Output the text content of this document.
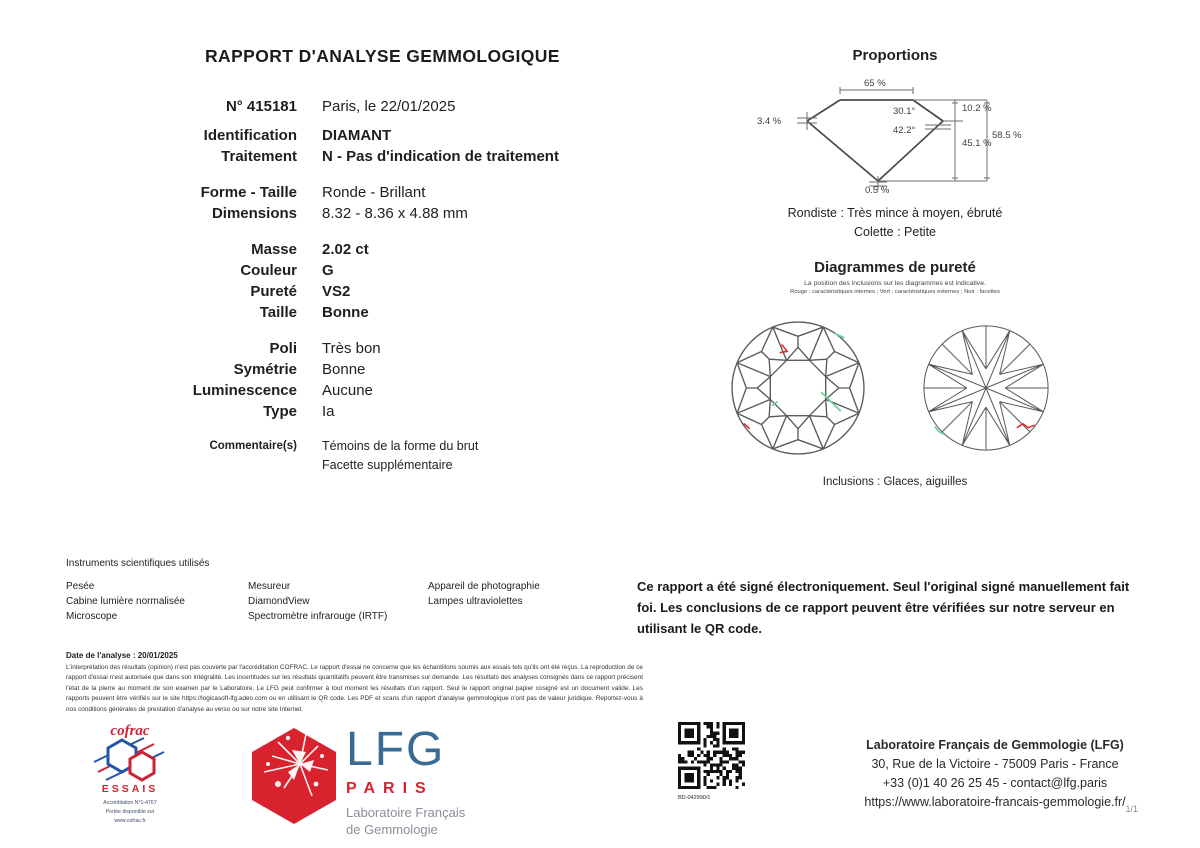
RAPPORT D'ANALYSE GEMMOLOGIQUE
N° 415181 Paris, le 22/01/2025
Identification DIAMANT
Traitement N - Pas d'indication de traitement
Forme - Taille Ronde - Brillant
Dimensions 8.32 - 8.36 x 4.88 mm
Masse 2.02 ct
Couleur G
Pureté VS2
Taille Bonne
Poli Très bon
Symétrie Bonne
Luminescence Aucune
Type Ia
Commentaire(s) Témoins de la forme du brut
Facette supplémentaire
Proportions
65 %
3.4 %
30.1°
42.2°
10.2 %
45.1 %
58.5 %
0.5 %
Rondiste : Très mince à moyen, ébruté
Colette : Petite
Diagrammes de pureté
La position des inclusions sur les diagrammes est indicative.
Rouge : caractéristiques internes ; Vert : caractéristiques externes ; Noir : facettes
Inclusions : Glaces, aiguilles
Instruments scientifiques utilisés
Pesée
Cabine lumière normalisée
Microscope
Mesureur
DiamondView
Spectromètre infrarouge (IRTF)
Appareil de photographie
Lampes ultraviolettes
Ce rapport a été signé électroniquement. Seul l'original signé manuellement fait foi. Les conclusions de ce rapport peuvent être vérifiées sur notre serveur en utilisant le QR code.
Date de l'analyse : 20/01/2025
L'interprétation des résultats (opinion) n'est pas couverte par l'accréditation COFRAC. Le rapport d'essai ne concerne que les échantillons soumis aux essais tels qu'ils ont été reçus. La reproduction de ce rapport d'essai n'est autorisée que dans son intégralité. Les incertitudes sur les résultats quantitatifs peuvent être transmises sur demande. Les résultats des analyses consignés dans ce rapport précisent l'état de la pierre au moment de son examen par le Laboratoire. Le LFG peut confirmer à tout moment les résultats d'un rapport. Seul le rapport original papier cosigné est un document valide. Les rapports peuvent être vérifiés sur le site https://logicasoft-lfg.adeo.com ou en utilisant le QR code. Les PDF et scans d'un rapport d'analyse gemmologique n'ont pas de valeur juridique. Reportez-vous à nos conditions générales de prestation d'analyse au verso ou sur notre site Internet.
cofrac
ESSAIS
Accréditation N°1-4767
Portée disponible sur
www.cofrac.fr
LFG
PARIS
Laboratoire Français
de Gemmologie
BD-042990/1
Laboratoire Français de Gemmologie (LFG)
30, Rue de la Victoire - 75009 Paris - France
+33 (0)1 40 26 25 45 - contact@lfg.paris
https://www.laboratoire-francais-gemmologie.fr/ 1/1
